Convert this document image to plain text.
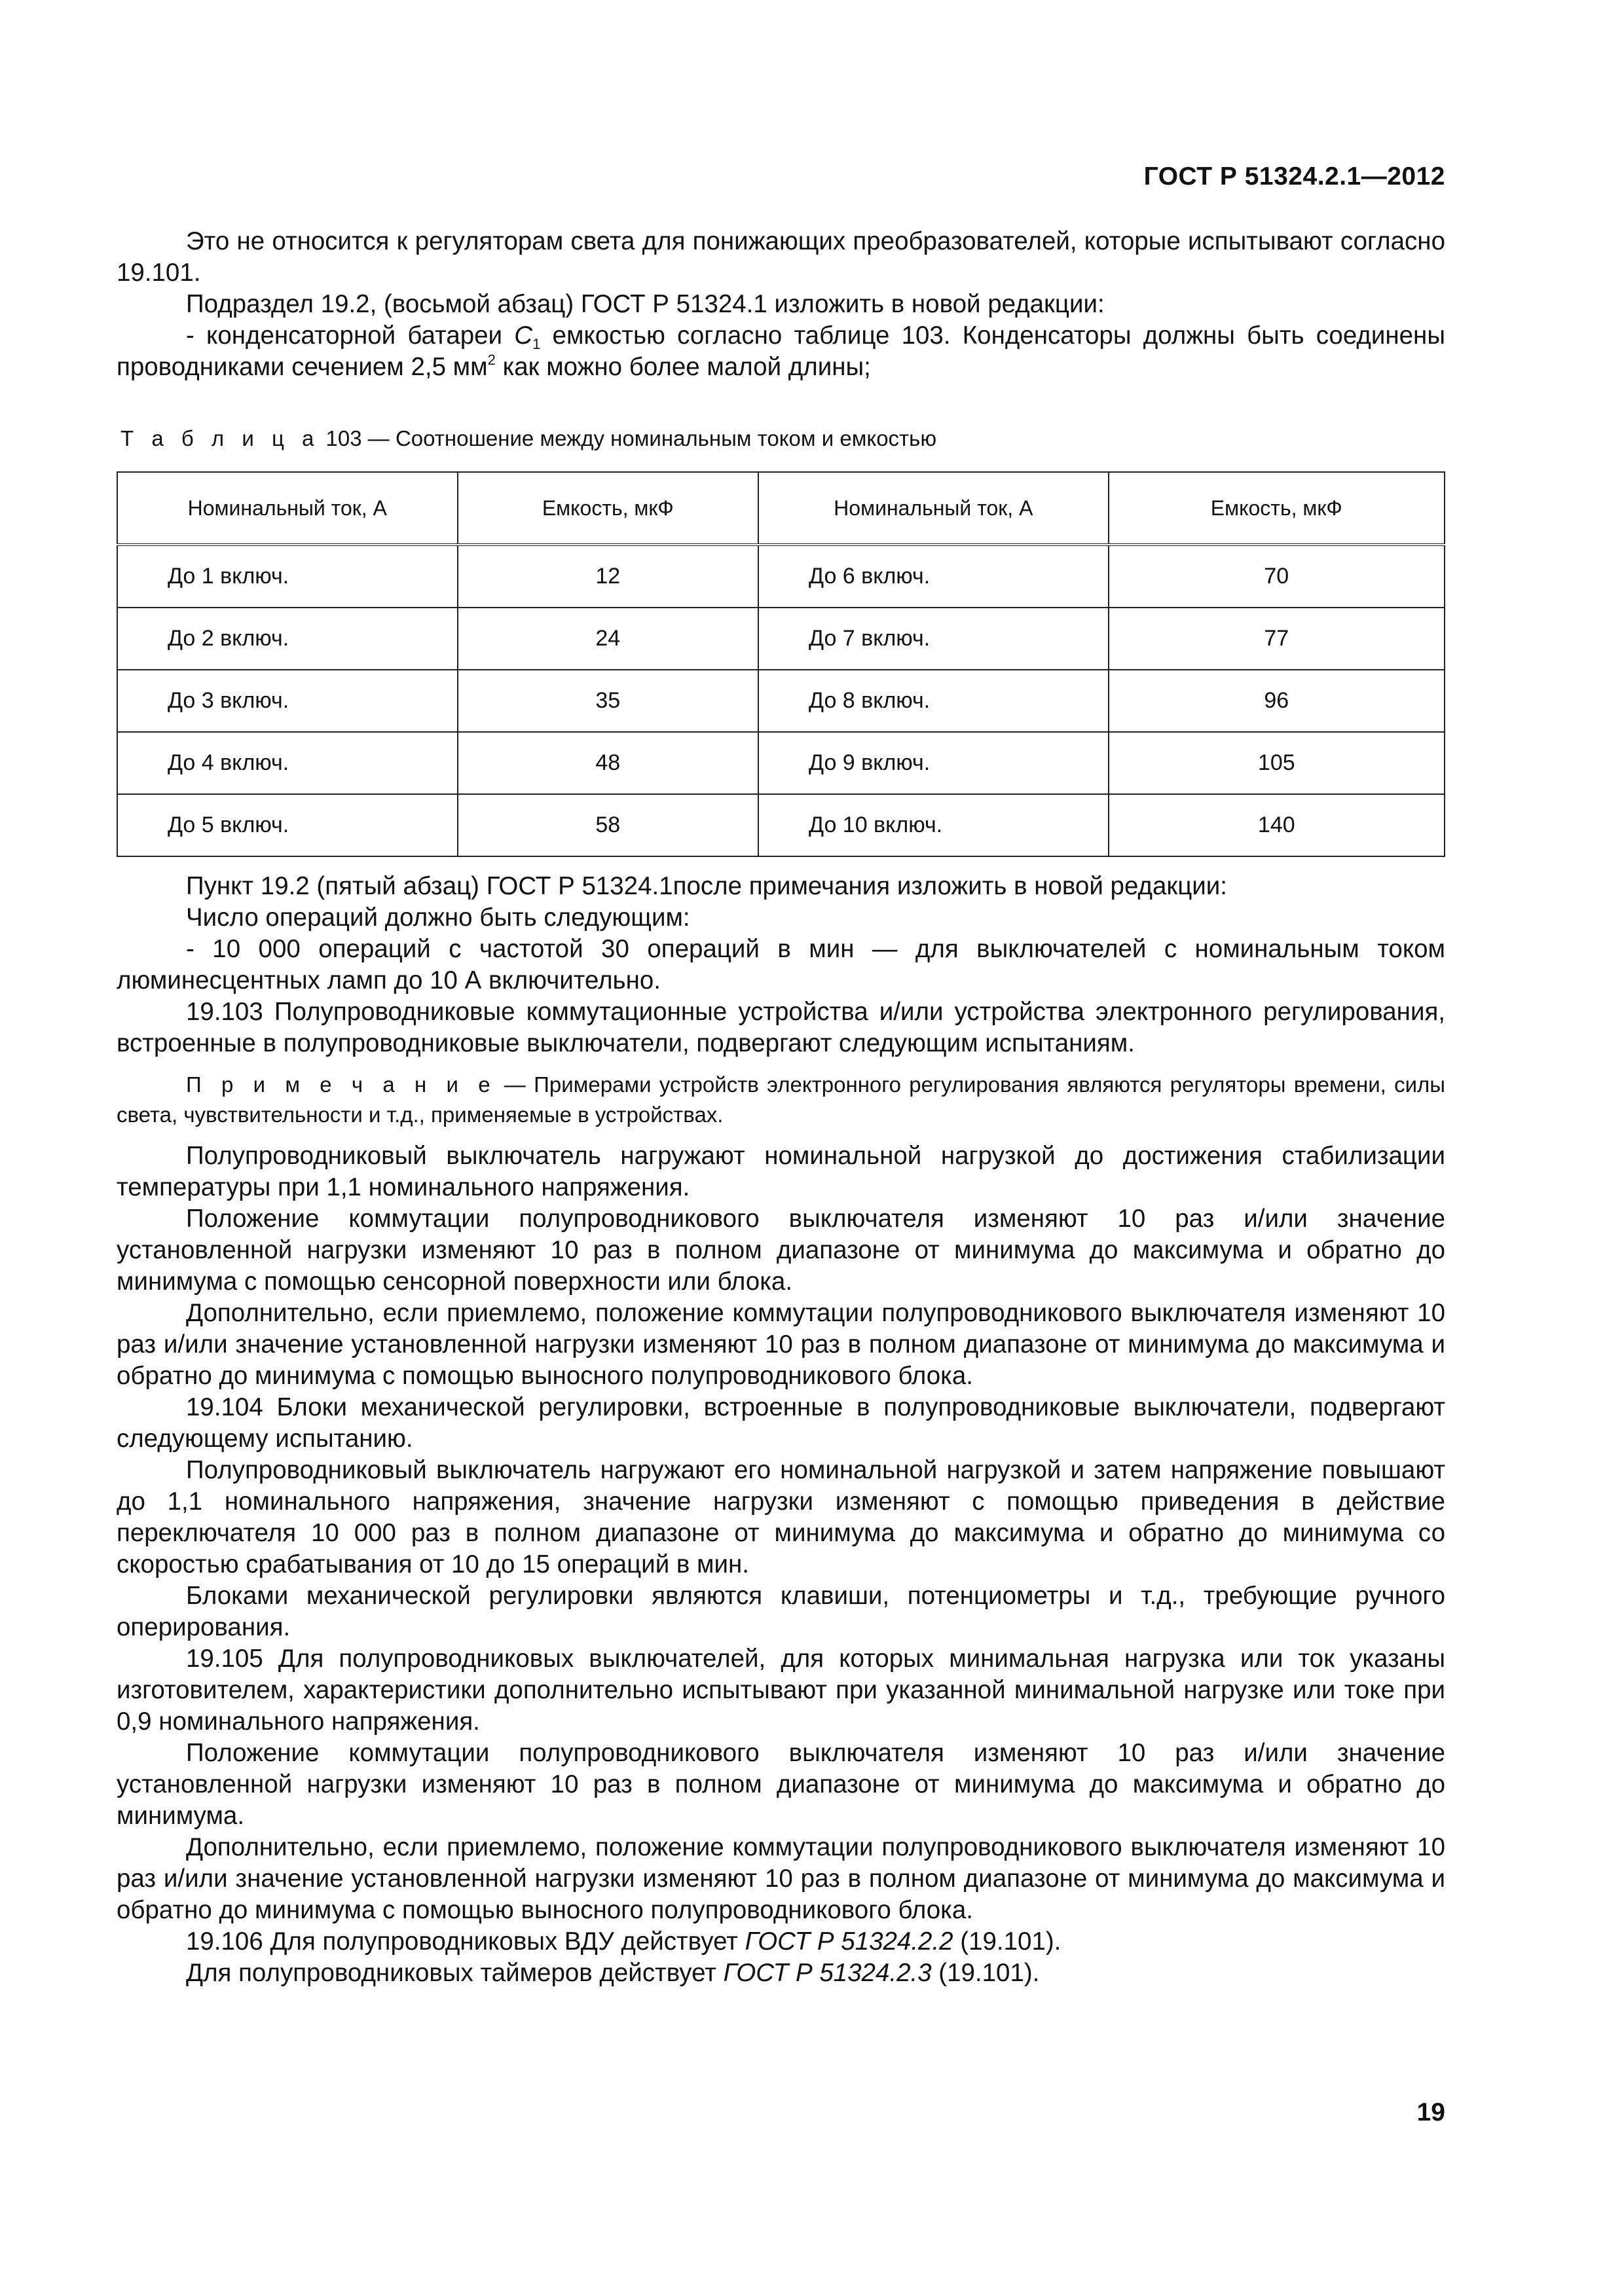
ГОСТ Р 51324.2.1—2012

Это не относится к регуляторам света для понижающих преобразователей, которые испытывают согласно 19.101.

Подраздел 19.2, (восьмой абзац) ГОСТ Р 51324.1 изложить в новой редакции:

- конденсаторной батареи $C_1$ емкостью согласно таблице 103. Конденсаторы должны быть соединены проводниками сечением 2,5 $мм^2$ как можно более малой длины;

Т а б л и ц а 103 — Соотношение между номинальным током и емкостью
Номинальный ток, А	Емкость, мкФ	Номинальный ток, А	Емкость, мкФ
До 1 включ.	12	До 6 включ.	70
До 2 включ.	24	До 7 включ.	77
До 3 включ.	35	До 8 включ.	96
До 4 включ.	48	До 9 включ.	105
До 5 включ.	58	До 10 включ.	140

Пункт 19.2 (пятый абзац) ГОСТ Р 51324.1после примечания изложить в новой редакции:

Число операций должно быть следующим:

- 10 000 операций с частотой 30 операций в мин — для выключателей с номинальным током люминесцентных ламп до 10 А включительно.

19.103 Полупроводниковые коммутационные устройства и/или устройства электронного регулирования, встроенные в полупроводниковые выключатели, подвергают следующим испытаниям.

П р и м е ч а н и е — Примерами устройств электронного регулирования являются регуляторы времени, силы света, чувствительности и т.д., применяемые в устройствах.

Полупроводниковый выключатель нагружают номинальной нагрузкой до достижения стабилизации температуры при 1,1 номинального напряжения.

Положение коммутации полупроводникового выключателя изменяют 10 раз и/или значение установленной нагрузки изменяют 10 раз в полном диапазоне от минимума до максимума и обратно до минимума с помощью сенсорной поверхности или блока.

Дополнительно, если приемлемо, положение коммутации полупроводникового выключателя изменяют 10 раз и/или значение установленной нагрузки изменяют 10 раз в полном диапазоне от минимума до максимума и обратно до минимума с помощью выносного полупроводникового блока.

19.104 Блоки механической регулировки, встроенные в полупроводниковые выключатели, подвергают следующему испытанию.

Полупроводниковый выключатель нагружают его номинальной нагрузкой и затем напряжение повышают до 1,1 номинального напряжения, значение нагрузки изменяют с помощью приведения в действие переключателя 10 000 раз в полном диапазоне от минимума до максимума и обратно до минимума со скоростью срабатывания от 10 до 15 операций в мин.

Блоками механической регулировки являются клавиши, потенциометры и т.д., требующие ручного оперирования.

19.105 Для полупроводниковых выключателей, для которых минимальная нагрузка или ток указаны изготовителем, характеристики дополнительно испытывают при указанной минимальной нагрузке или токе при 0,9 номинального напряжения.

Положение коммутации полупроводникового выключателя изменяют 10 раз и/или значение установленной нагрузки изменяют 10 раз в полном диапазоне от минимума до максимума и обратно до минимума.

Дополнительно, если приемлемо, положение коммутации полупроводникового выключателя изменяют 10 раз и/или значение установленной нагрузки изменяют 10 раз в полном диапазоне от минимума до максимума и обратно до минимума с помощью выносного полупроводникового блока.

19.106 Для полупроводниковых ВДУ действует ГОСТ Р 51324.2.2 (19.101).

Для полупроводниковых таймеров действует ГОСТ Р 51324.2.3 (19.101).

19
